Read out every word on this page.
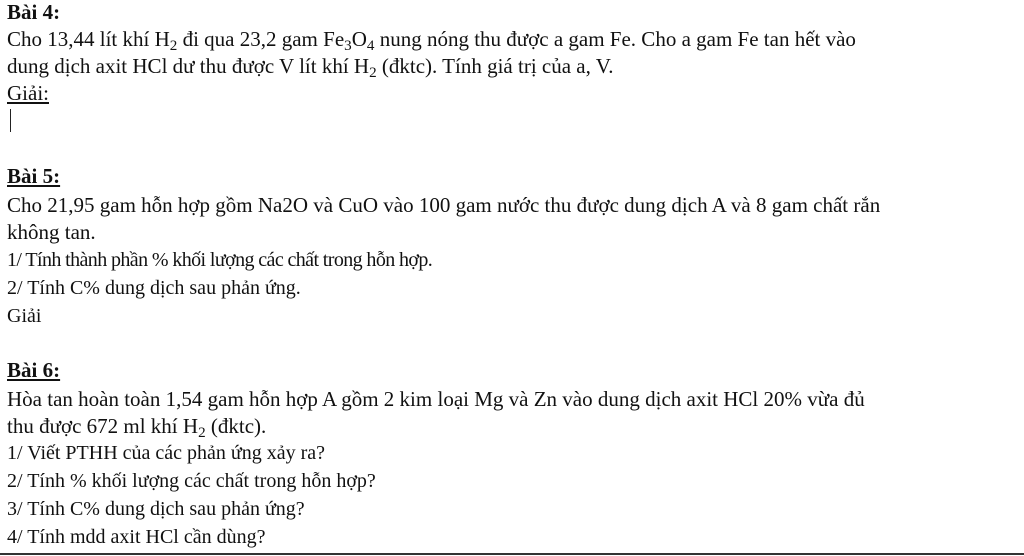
Bài 4:
Cho 13,44 lít khí $H_2$ đi qua 23,2 gam $Fe_3O_4$ nung nóng thu được a gam Fe. Cho a gam Fe tan hết vào
dung dịch axit HCl dư thu được V lít khí $H_2$ (đktc). Tính giá trị của a, V.
Giải:
Bài 5:
Cho 21,95 gam hỗn hợp gồm Na2O và CuO vào 100 gam nước thu được dung dịch A và 8 gam chất rắn
không tan.
1/ Tính thành phần % khối lượng các chất trong hỗn hợp.
2/ Tính C% dung dịch sau phản ứng.
Giải
Bài 6:
Hòa tan hoàn toàn 1,54 gam hỗn hợp A gồm 2 kim loại Mg và Zn vào dung dịch axit HCl 20% vừa đủ
thu được 672 ml khí $H_2$ (đktc).
1/ Viết PTHH của các phản ứng xảy ra?
2/ Tính % khối lượng các chất trong hỗn hợp?
3/ Tính C% dung dịch sau phản ứng?
4/ Tính mdd axit HCl cần dùng?
